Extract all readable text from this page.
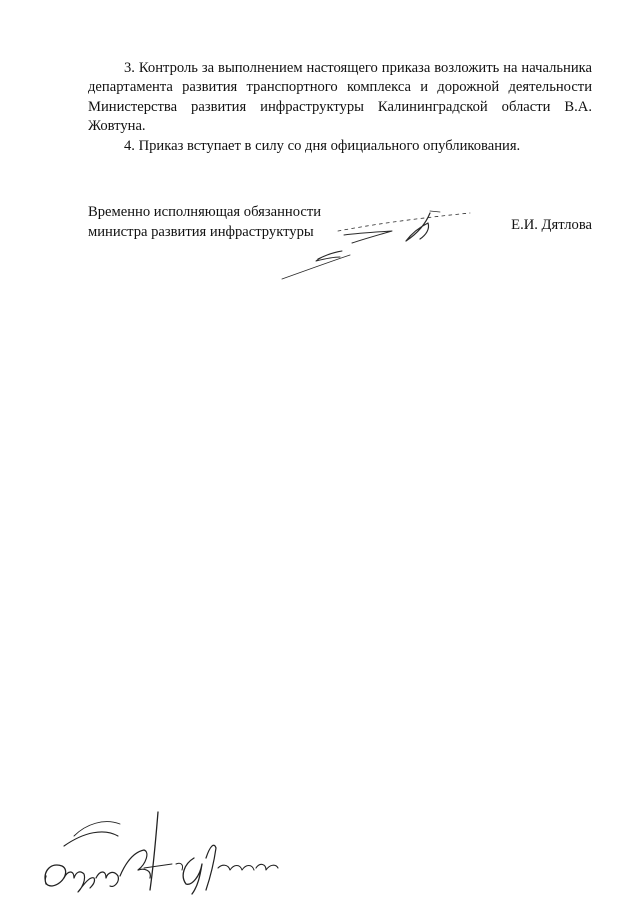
3. Контроль за выполнением настоящего приказа возложить на начальника департамента развития транспортного комплекса и дорожной деятельности Министерства развития инфраструктуры Калининградской области В.А. Жовтуна.

4. Приказ вступает в силу со дня официального опубликования.

Временно исполняющая обязанности
министра развития инфраструктуры	Е.И. Дятлова
